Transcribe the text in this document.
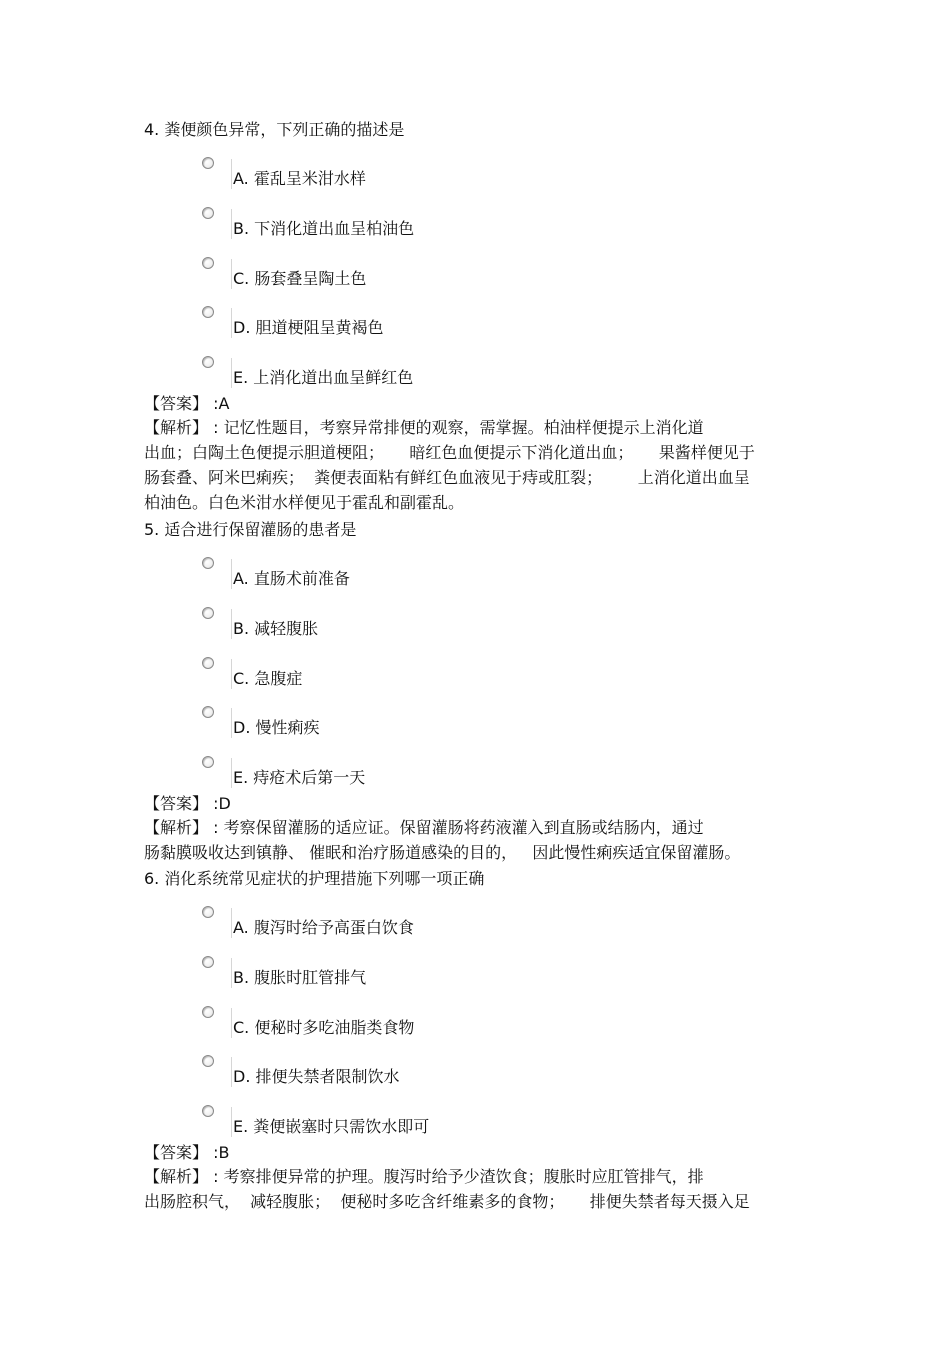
4. 粪便颜色异常，下列正确的描述是
A. 霍乱呈米泔水样
B. 下消化道出血呈柏油色
C. 肠套叠呈陶土色
D. 胆道梗阻呈黄褐色
E. 上消化道出血呈鲜红色
【答案】 :A
【解析】 : 记忆性题目，考察异常排便的观察，需掌握。柏油样便提示上消化道
出血；白陶土色便提示胆道梗阻；     暗红色血便提示下消化道出血；     果酱样便见于
肠套叠、阿米巴痢疾；  粪便表面粘有鲜红色血液见于痔或肛裂；       上消化道出血呈
柏油色。白色米泔水样便见于霍乱和副霍乱。
5. 适合进行保留灌肠的患者是
A. 直肠术前准备
B. 减轻腹胀
C. 急腹症
D. 慢性痢疾
E. 痔疮术后第一天
【答案】 :D
【解析】 : 考察保留灌肠的适应证。保留灌肠将药液灌入到直肠或结肠内，通过
肠黏膜吸收达到镇静、 催眠和治疗肠道感染的目的，   因此慢性痢疾适宜保留灌肠。
6. 消化系统常见症状的护理措施下列哪一项正确
A. 腹泻时给予高蛋白饮食
B. 腹胀时肛管排气
C. 便秘时多吃油脂类食物
D. 排便失禁者限制饮水
E. 粪便嵌塞时只需饮水即可
【答案】 :B
【解析】 : 考察排便异常的护理。腹泻时给予少渣饮食；腹胀时应肛管排气，排
出肠腔积气，  减轻腹胀；  便秘时多吃含纤维素多的食物；     排便失禁者每天摄入足
